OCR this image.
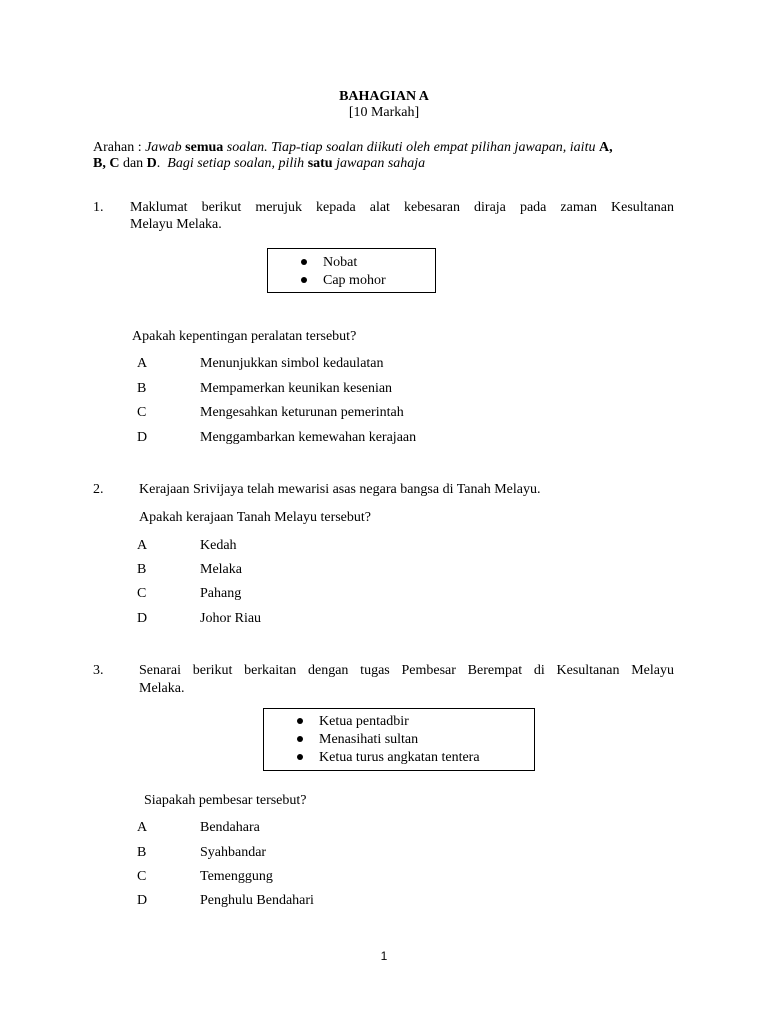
BAHAGIAN A
[10 Markah]
Arahan : Jawab semua soalan. Tiap-tiap soalan diikuti oleh empat pilihan jawapan, iaitu A,
B, C dan D.  Bagi setiap soalan, pilih satu jawapan sahaja
1. Maklumat berikut merujuk kepada alat kebesaran diraja pada zaman Kesultanan
Melayu Melaka.
Nobat
Cap mohor
Apakah kepentingan peralatan tersebut?
A	Menunjukkan simbol kedaulatan
B	Mempamerkan keunikan kesenian
C	Mengesahkan keturunan pemerintah
D	Menggambarkan kemewahan kerajaan
2.	Kerajaan Srivijaya telah mewarisi asas negara bangsa di Tanah Melayu.
Apakah kerajaan Tanah Melayu tersebut?
A	Kedah
B	Melaka
C	Pahang
D	Johor Riau
3.	Senarai berikut berkaitan dengan tugas Pembesar Berempat di Kesultanan Melayu
Melaka.
Ketua pentadbir
Menasihati sultan
Ketua turus angkatan tentera
Siapakah pembesar tersebut?
A	Bendahara
B	Syahbandar
C	Temenggung
D	Penghulu Bendahari
1
